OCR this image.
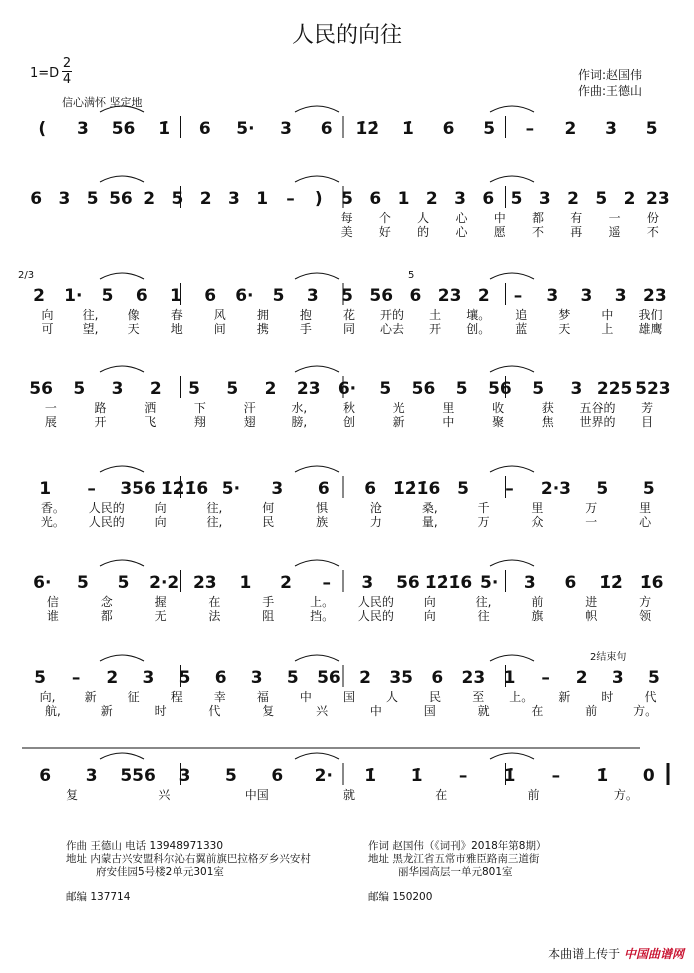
人民的向往
1=D
2
4
信心满怀 坚定地
作词:赵国伟
作曲:王德山
( 3 56 1̇ 6 5· 3 6 1̇2̇ 1̇ 6 5 – 2 3 5
6 3 5 56 2 5 2 3 1 – ) 5 6 1 2 3 6 5 3 2 5 2 23
每 个 人 心 中 都 有 一 份
美 好 的 心 愿 不 再 遥 不
2 1· 5 6 1 6 6· 5 3 5 56 6 23 2 – 3 3 3 23
向 往, 像	春	风	拥	抱	花 开的 土 壤。 追	梦	中 我们
可 望, 天	地	间	携	手	同 心去 开 创。 蓝	天	上 雄鹰
56 5 3 2 5 5 2 23 6· 5 56 5 56 5 3 225 523
一	路	洒	下	汗	水,	秋	光	里	收	获 五谷的 芳
展	开	飞	翔	翅	膀,	创	新	中	聚	焦 世界的 目
1 – 356 1̇2̇1̇6 5· 3 6 6 1̇2̇1̇6 5 – 2·3 5 5
香。 人民的 向	往,	何	惧	沧	桑,	千	里	万	里
光。 人民的 向	往,	民	族	力	量,	万	众	一	心
6· 5 5 2·2 23 1 2 – 3 56 1̇2̇1̇6 5· 3 6 1̇2̇ 1̇6
信	念	握	在	手	上。 人民的 向	往,	前	进	方
谁	都	无	法	阻	挡。 人民的 向	往	旗	帜	领
5 – 2 3 5 6 3 5 56 2 35 6 23 1 – 2 3 5
向, 新	征	程	幸	福	中	国	人	民	至 上。 新	时	代
航,	新	时	代	复	兴	中	国	就	在	前	方。
6 3 556 3 5 6 2· 1̇ 1̇ – 1̇ – 1̇ 0
复	兴	中国	就	在	前	方。
2结束句
2/3	5
作曲 王德山 电话 13948971330
地址 内蒙古兴安盟科尔沁右翼前旗巴拉格歹乡兴安村
府安佳园5号楼2单元301室
邮编 137714
作词 赵国伟（《词刊》2018年第8期）
地址 黑龙江省五常市雅臣路南三道街
丽华园高层一单元801室
邮编 150200
本曲谱上传于 中国曲谱网
